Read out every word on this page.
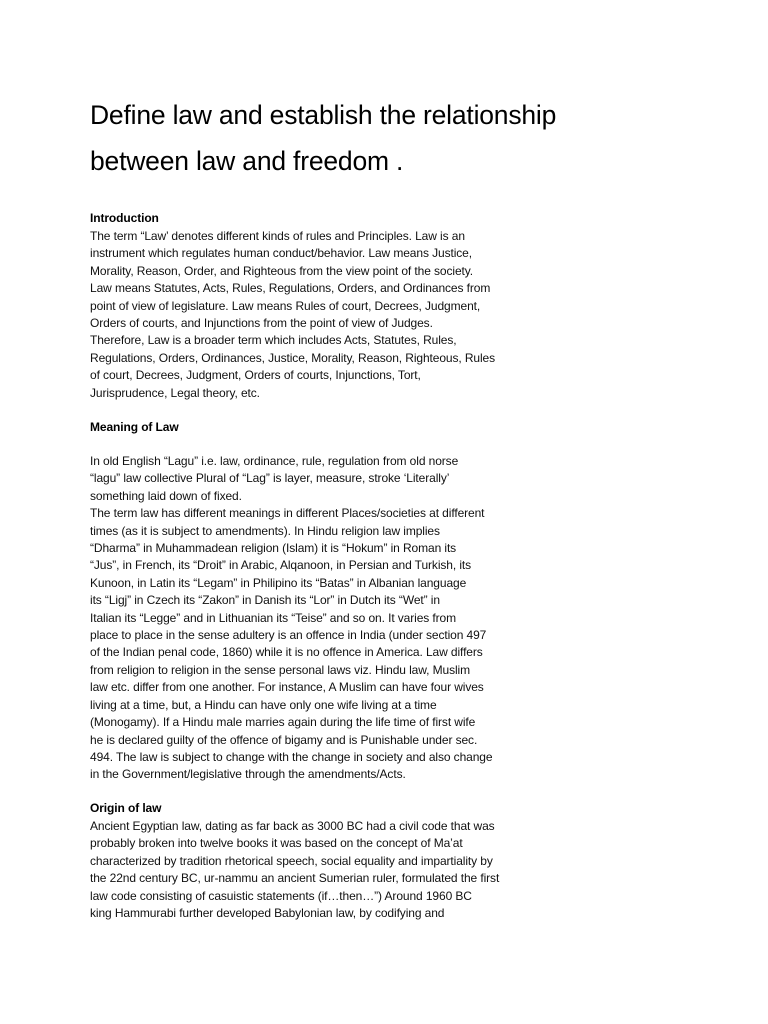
Define law and establish the relationship
between law and freedom .
Introduction
The term “Law’ denotes different kinds of rules and Principles. Law is an
instrument which regulates human conduct/behavior. Law means Justice,
Morality, Reason, Order, and Righteous from the view point of the society.
Law means Statutes, Acts, Rules, Regulations, Orders, and Ordinances from
point of view of legislature. Law means Rules of court, Decrees, Judgment,
Orders of courts, and Injunctions from the point of view of Judges.
Therefore, Law is a broader term which includes Acts, Statutes, Rules,
Regulations, Orders, Ordinances, Justice, Morality, Reason, Righteous, Rules
of court, Decrees, Judgment, Orders of courts, Injunctions, Tort,
Jurisprudence, Legal theory, etc.
Meaning of Law
In old English “Lagu” i.e. law, ordinance, rule, regulation from old norse
“lagu” law collective Plural of “Lag” is layer, measure, stroke ‘Literally’
something laid down of fixed.
The term law has different meanings in different Places/societies at different
times (as it is subject to amendments). In Hindu religion law implies
“Dharma” in Muhammadean religion (Islam) it is “Hokum” in Roman its
“Jus”, in French, its “Droit” in Arabic, Alqanoon, in Persian and Turkish, its
Kunoon, in Latin its “Legam” in Philipino its “Batas” in Albanian language
its “Ligj” in Czech its “Zakon” in Danish its “Lor” in Dutch its “Wet” in
Italian its “Legge” and in Lithuanian its “Teise” and so on. It varies from
place to place in the sense adultery is an offence in India (under section 497
of the Indian penal code, 1860) while it is no offence in America. Law differs
from religion to religion in the sense personal laws viz. Hindu law, Muslim
law etc. differ from one another. For instance, A Muslim can have four wives
living at a time, but, a Hindu can have only one wife living at a time
(Monogamy). If a Hindu male marries again during the life time of first wife
he is declared guilty of the offence of bigamy and is Punishable under sec.
494. The law is subject to change with the change in society and also change
in the Government/legislative through the amendments/Acts.
Origin of law
Ancient Egyptian law, dating as far back as 3000 BC had a civil code that was
probably broken into twelve books it was based on the concept of Ma’at
characterized by tradition rhetorical speech, social equality and impartiality by
the 22nd century BC, ur-nammu an ancient Sumerian ruler, formulated the first
law code consisting of casuistic statements (if…then…”) Around 1960 BC
king Hammurabi further developed Babylonian law, by codifying and
